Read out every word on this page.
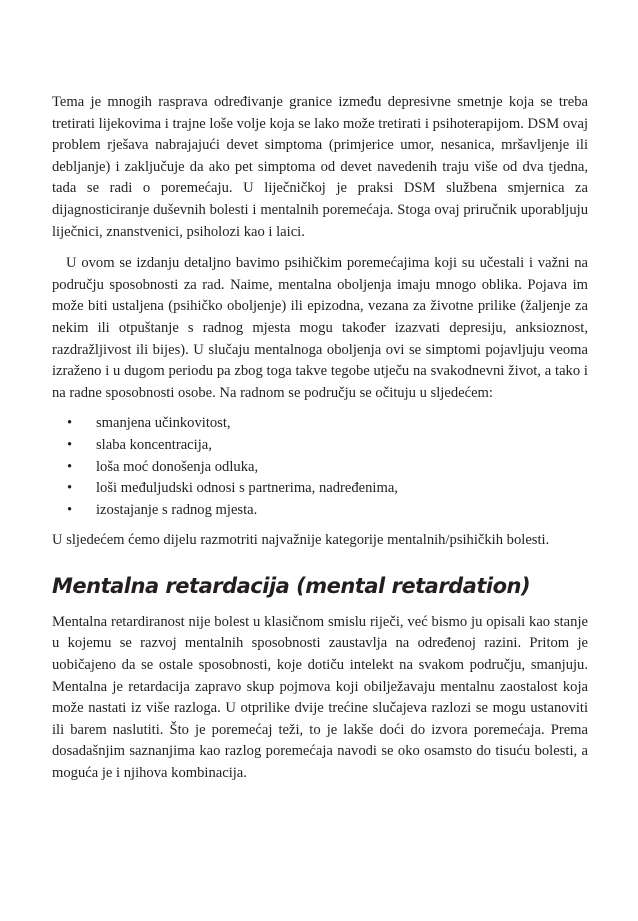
Tema je mnogih rasprava određivanje granice između depresivne smetnje koja se treba tretirati lijekovima i trajne loše volje koja se lako može tretirati i psihoterapijom. DSM ovaj problem rješava nabrajajući devet simptoma (primjerice umor, nesanica, mršavljenje ili debljanje) i zaključuje da ako pet simptoma od devet navedenih traju više od dva tjedna, tada se radi o poremećaju. U liječničkoj je praksi DSM službena smjernica za dijagnosticiranje duševnih bolesti i mentalnih poremećaja. Stoga ovaj priručnik uporabljuju liječnici, znanstvenici, psiholozi kao i laici.

U ovom se izdanju detaljno bavimo psihičkim poremećajima koji su učestali i važni na području sposobnosti za rad. Naime, mentalna oboljenja imaju mnogo oblika. Pojava im može biti ustaljena (psihičko oboljenje) ili epizodna, vezana za životne prilike (žaljenje za nekim ili otpuštanje s radnog mjesta mogu također izazvati depresiju, anksioznost, razdražljivost ili bijes). U slučaju mentalnoga oboljenja ovi se simptomi pojavljuju veoma izraženo i u dugom periodu pa zbog toga takve tegobe utječu na svakodnevni život, a tako i na radne sposobnosti osobe. Na radnom se području se očituju u sljedećem:

• smanjena učinkovitost,
• slaba koncentracija,
• loša moć donošenja odluka,
• loši međuljudski odnosi s partnerima, nadređenima,
• izostajanje s radnog mjesta.

U sljedećem ćemo dijelu razmotriti najvažnije kategorije mentalnih/psihičkih bolesti.

Mentalna retardacija (mental retardation)

Mentalna retardiranost nije bolest u klasičnom smislu riječi, već bismo ju opisali kao stanje u kojemu se razvoj mentalnih sposobnosti zaustavlja na određenoj razini. Pritom je uobičajeno da se ostale sposobnosti, koje dotiču intelekt na svakom području, smanjuju. Mentalna je retardacija zapravo skup pojmova koji obilježavaju mentalnu zaostalost koja može nastati iz više razloga. U otprilike dvije trećine slučajeva razlozi se mogu ustanoviti ili barem naslutiti. Što je poremećaj teži, to je lakše doći do izvora poremećaja. Prema dosadašnjim saznanjima kao razlog poremećaja navodi se oko osamsto do tisuću bolesti, a moguća je i njihova kombinacija.
